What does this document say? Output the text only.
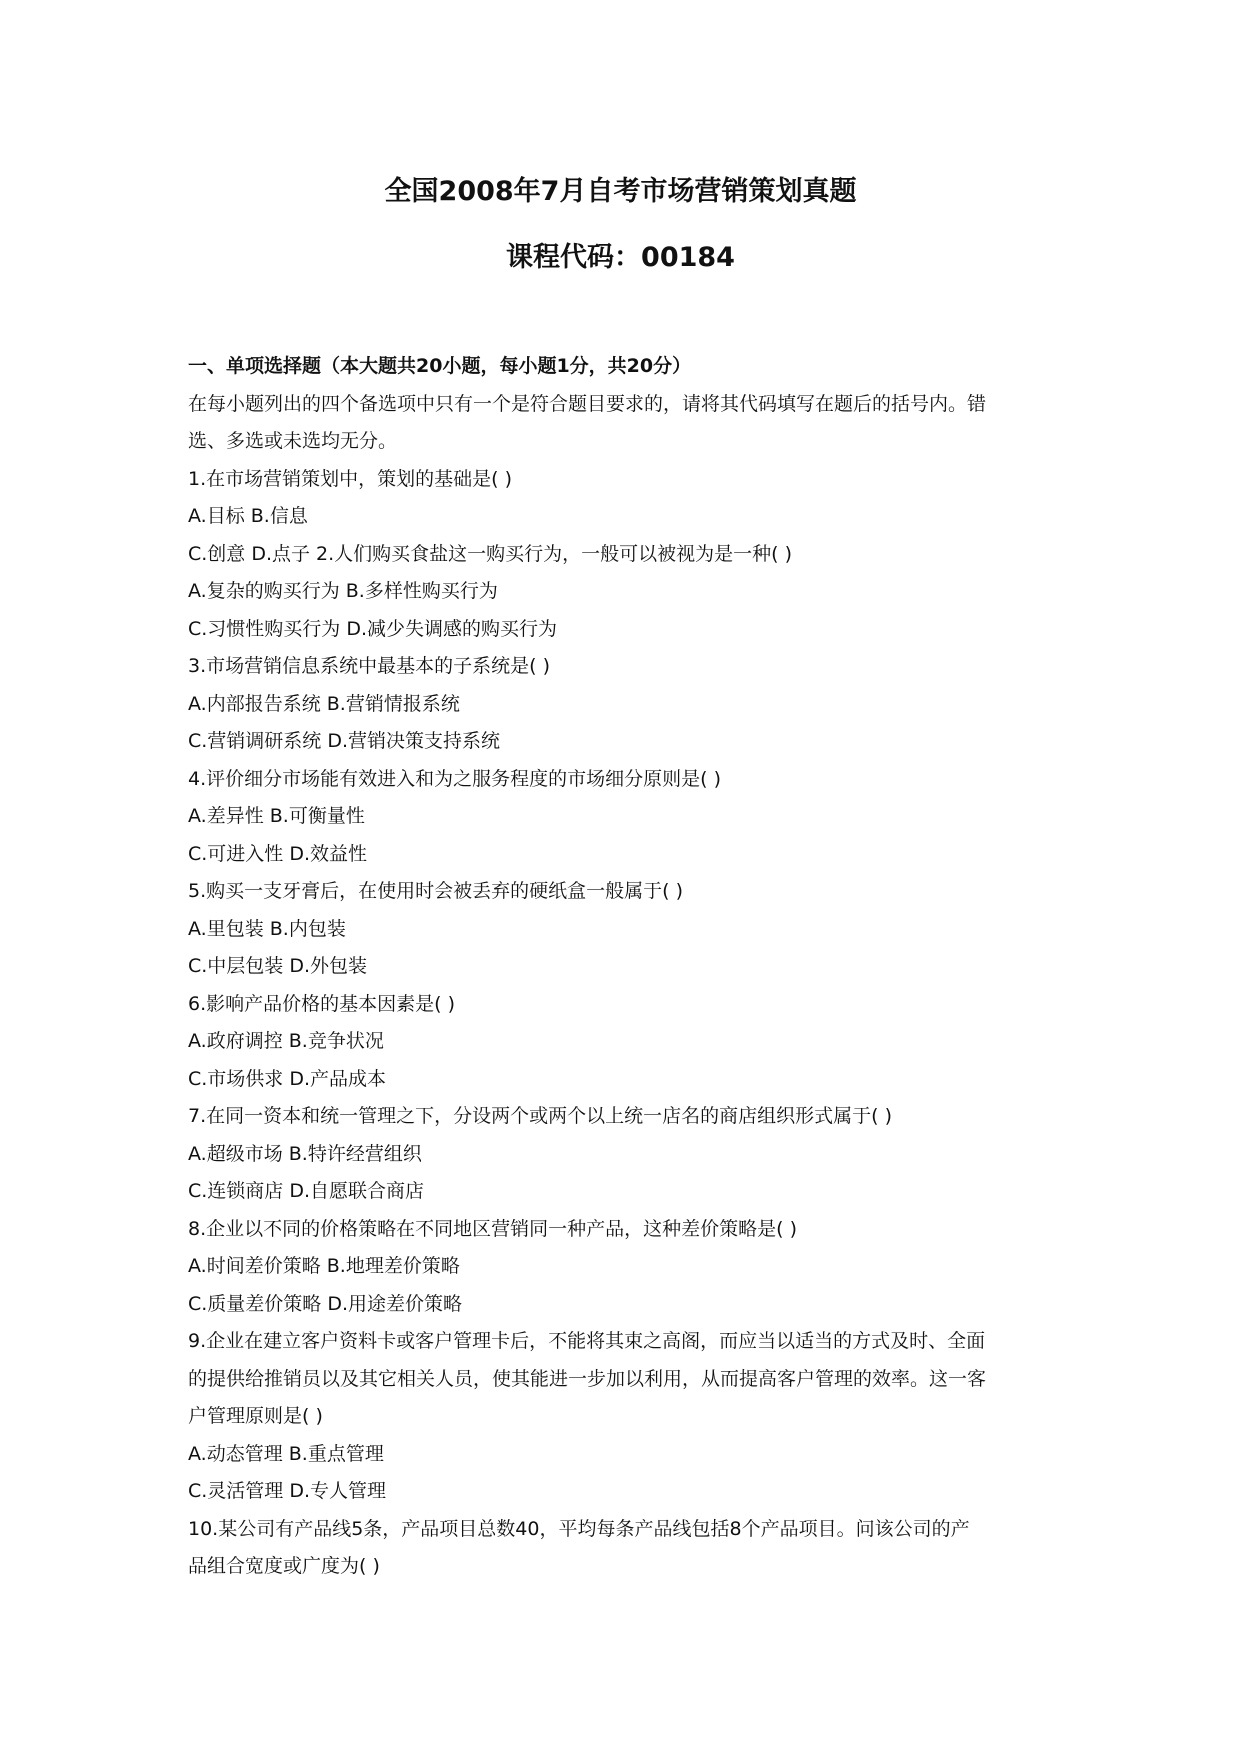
全国2008年7月自考市场营销策划真题
课程代码：00184
一、单项选择题（本大题共20小题，每小题1分，共20分）
在每小题列出的四个备选项中只有一个是符合题目要求的，请将其代码填写在题后的括号内。错
选、多选或未选均无分。
1.在市场营销策划中，策划的基础是( )
A.目标 B.信息
C.创意 D.点子 2.人们购买食盐这一购买行为，一般可以被视为是一种( )
A.复杂的购买行为 B.多样性购买行为
C.习惯性购买行为 D.减少失调感的购买行为
3.市场营销信息系统中最基本的子系统是( )
A.内部报告系统 B.营销情报系统
C.营销调研系统 D.营销决策支持系统
4.评价细分市场能有效进入和为之服务程度的市场细分原则是( )
A.差异性 B.可衡量性
C.可进入性 D.效益性
5.购买一支牙膏后，在使用时会被丢弃的硬纸盒一般属于( )
A.里包装 B.内包装
C.中层包装 D.外包装
6.影响产品价格的基本因素是( )
A.政府调控 B.竞争状况
C.市场供求 D.产品成本
7.在同一资本和统一管理之下，分设两个或两个以上统一店名的商店组织形式属于( )
A.超级市场 B.特许经营组织
C.连锁商店 D.自愿联合商店
8.企业以不同的价格策略在不同地区营销同一种产品，这种差价策略是( )
A.时间差价策略 B.地理差价策略
C.质量差价策略 D.用途差价策略
9.企业在建立客户资料卡或客户管理卡后，不能将其束之高阁，而应当以适当的方式及时、全面
的提供给推销员以及其它相关人员，使其能进一步加以利用，从而提高客户管理的效率。这一客
户管理原则是( )
A.动态管理 B.重点管理
C.灵活管理 D.专人管理
10.某公司有产品线5条，产品项目总数40，平均每条产品线包括8个产品项目。问该公司的产
品组合宽度或广度为( )
